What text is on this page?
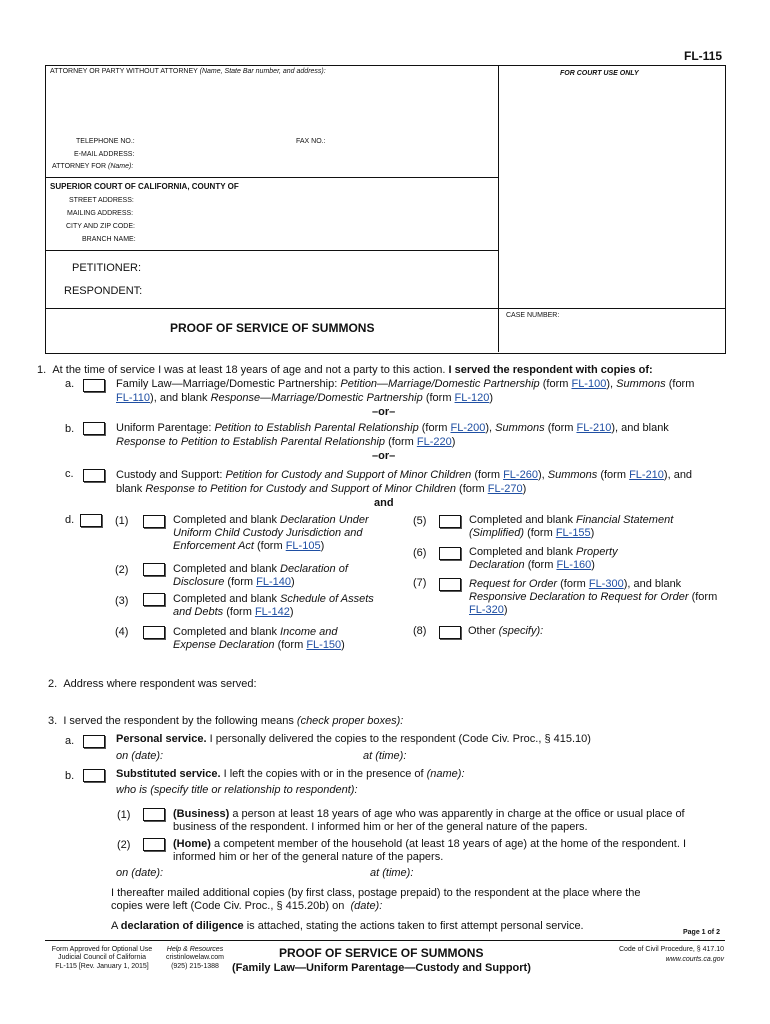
FL-115
ATTORNEY OR PARTY WITHOUT ATTORNEY (Name, State Bar number, and address):	FOR COURT USE ONLY
TELEPHONE NO.:	FAX NO.:
E-MAIL ADDRESS:
ATTORNEY FOR (Name):
SUPERIOR COURT OF CALIFORNIA, COUNTY OF
STREET ADDRESS:
MAILING ADDRESS:
CITY AND ZIP CODE:
BRANCH NAME:
PETITIONER:
RESPONDENT:
PROOF OF SERVICE OF SUMMONS
CASE NUMBER:
1. At the time of service I was at least 18 years of age and not a party to this action. I served the respondent with copies of:
a.	Family Law—Marriage/Domestic Partnership: Petition—Marriage/Domestic Partnership (form FL-100), Summons (form
FL-110), and blank Response—Marriage/Domestic Partnership (form FL-120)
–or–
b.	Uniform Parentage: Petition to Establish Parental Relationship (form FL-200), Summons (form FL-210), and blank
Response to Petition to Establish Parental Relationship (form FL-220)
–or–
c.	Custody and Support: Petition for Custody and Support of Minor Children (form FL-260), Summons (form FL-210), and
blank Response to Petition for Custody and Support of Minor Children (form FL-270)
and
d.	(1)	Completed and blank Declaration Under
Uniform Child Custody Jurisdiction and
Enforcement Act (form FL-105)
(2)	Completed and blank Declaration of
Disclosure (form FL-140)
(3)	Completed and blank Schedule of Assets
and Debts (form FL-142)
(4)	Completed and blank Income and
Expense Declaration (form FL-150)
(5)	Completed and blank Financial Statement
(Simplified) (form FL-155)
(6)	Completed and blank Property
Declaration (form FL-160)
(7)	Request for Order (form FL-300), and blank
Responsive Declaration to Request for Order (form
FL-320)
(8)	Other (specify):
2. Address where respondent was served:
3. I served the respondent by the following means (check proper boxes):
a.	Personal service. I personally delivered the copies to the respondent (Code Civ. Proc., § 415.10)
on (date):	at (time):
b.	Substituted service. I left the copies with or in the presence of (name):
who is (specify title or relationship to respondent):
(1)	(Business) a person at least 18 years of age who was apparently in charge at the office or usual place of
business of the respondent. I informed him or her of the general nature of the papers.
(2)	(Home) a competent member of the household (at least 18 years of age) at the home of the respondent. I
informed him or her of the general nature of the papers.
on (date):	at (time):
I thereafter mailed additional copies (by first class, postage prepaid) to the respondent at the place where the
copies were left (Code Civ. Proc., § 415.20b) on (date):
A declaration of diligence is attached, stating the actions taken to first attempt personal service.
Page 1 of 2
Form Approved for Optional Use
Judicial Council of California
FL-115 [Rev. January 1, 2015]
Help & Resources
cristinlowelaw.com
(925) 215-1388
PROOF OF SERVICE OF SUMMONS
(Family Law—Uniform Parentage—Custody and Support)
Code of Civil Procedure, § 417.10
www.courts.ca.gov
